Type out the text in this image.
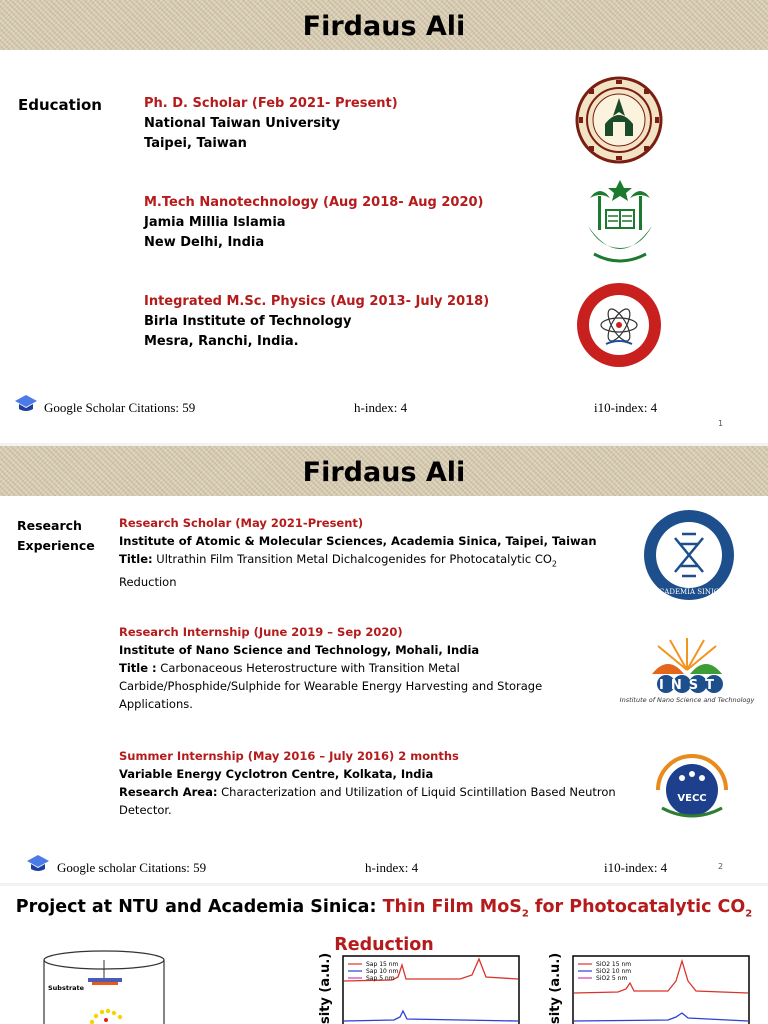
Firdaus Ali
Education	Ph. D. Scholar (Feb 2021- Present)
National Taiwan University
Taipei, Taiwan
M.Tech Nanotechnology (Aug 2018- Aug 2020)
Jamia Millia Islamia
New Delhi, India
Integrated M.Sc. Physics (Aug 2013- July 2018)
Birla Institute of Technology
Mesra, Ranchi, India.
Google Scholar Citations: 59	h-index: 4	i10-index: 4
1
Firdaus Ali
Research
Experience
Research Scholar (May 2021-Present)
Institute of Atomic & Molecular Sciences, Academia Sinica, Taipei, Taiwan
Title: Ultrathin Film Transition Metal Dichalcogenides for Photocatalytic $CO_2$
Reduction
Research Internship (June 2019 – Sep 2020)
Institute of Nano Science and Technology, Mohali, India
Title : Carbonaceous Heterostructure with Transition Metal
Carbide/Phosphide/Sulphide for Wearable Energy Harvesting and Storage
Applications.
Summer Internship (May 2016 – July 2016) 2 months
Variable Energy Cyclotron Centre, Kolkata, India
Research Area: Characterization and Utilization of Liquid Scintillation Based Neutron
Detector.
ACADEMIA SINICA
INST
Institute of Nano Science and Technology
VECC
Google scholar Citations: 59	h-index: 4	i10-index: 4	2
Project at NTU and Academia Sinica: Thin Film MoS$_2$ for Photocatalytic $CO_2$
Reduction
Substrate	sity (a.u.)	Sap 15 nm
Sap 10 nm
Sap 5 nm	sity (a.u.)	SiO2 15 nm
SiO2 10 nm
SiO2 5 nm
